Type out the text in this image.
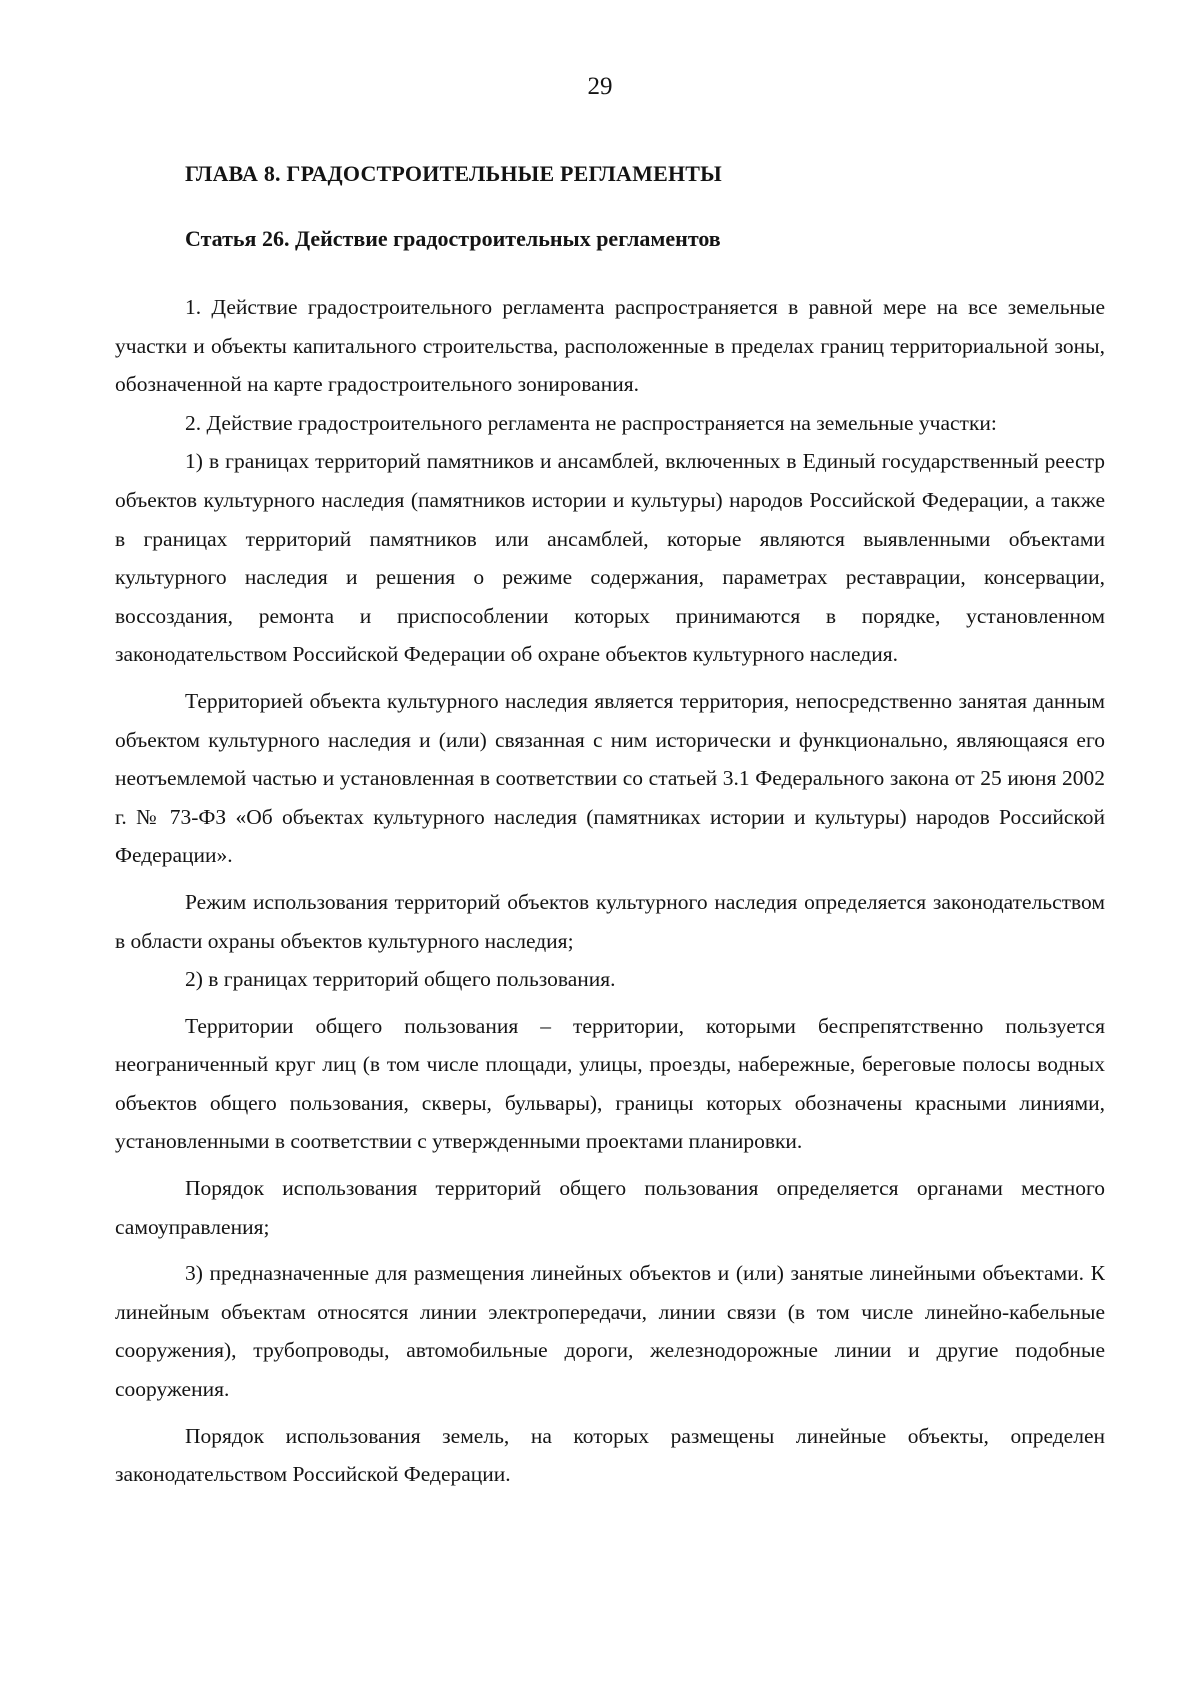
29
ГЛАВА 8. ГРАДОСТРОИТЕЛЬНЫЕ РЕГЛАМЕНТЫ
Статья 26. Действие градостроительных регламентов

1. Действие градостроительного регламента распространяется в равной мере на все земельные участки и объекты капитального строительства, расположенные в пределах границ территориальной зоны, обозначенной на карте градостроительного зонирования.

2. Действие градостроительного регламента не распространяется на земельные участки:

1) в границах территорий памятников и ансамблей, включенных в Единый государственный реестр объектов культурного наследия (памятников истории и культуры) народов Российской Федерации, а также в границах территорий памятников или ансамблей, которые являются выявленными объектами культурного наследия и решения о режиме содержания, параметрах реставрации, консервации, воссоздания, ремонта и приспособлении которых принимаются в порядке, установленном законодательством Российской Федерации об охране объектов культурного наследия.

Территорией объекта культурного наследия является территория, непосредственно занятая данным объектом культурного наследия и (или) связанная с ним исторически и функционально, являющаяся его неотъемлемой частью и установленная в соответствии со статьей 3.1 Федерального закона от 25 июня 2002 г. № 73-ФЗ «Об объектах культурного наследия (памятниках истории и культуры) народов Российской Федерации».

Режим использования территорий объектов культурного наследия определяется законодательством в области охраны объектов культурного наследия;

2) в границах территорий общего пользования.

Территории общего пользования – территории, которыми беспрепятственно пользуется неограниченный круг лиц (в том числе площади, улицы, проезды, набережные, береговые полосы водных объектов общего пользования, скверы, бульвары), границы которых обозначены красными линиями, установленными в соответствии с утвержденными проектами планировки.

Порядок использования территорий общего пользования определяется органами местного самоуправления;

3) предназначенные для размещения линейных объектов и (или) занятые линейными объектами. К линейным объектам относятся линии электропередачи, линии связи (в том числе линейно-кабельные сооружения), трубопроводы, автомобильные дороги, железнодорожные линии и другие подобные сооружения.

Порядок использования земель, на которых размещены линейные объекты, определен законодательством Российской Федерации.
